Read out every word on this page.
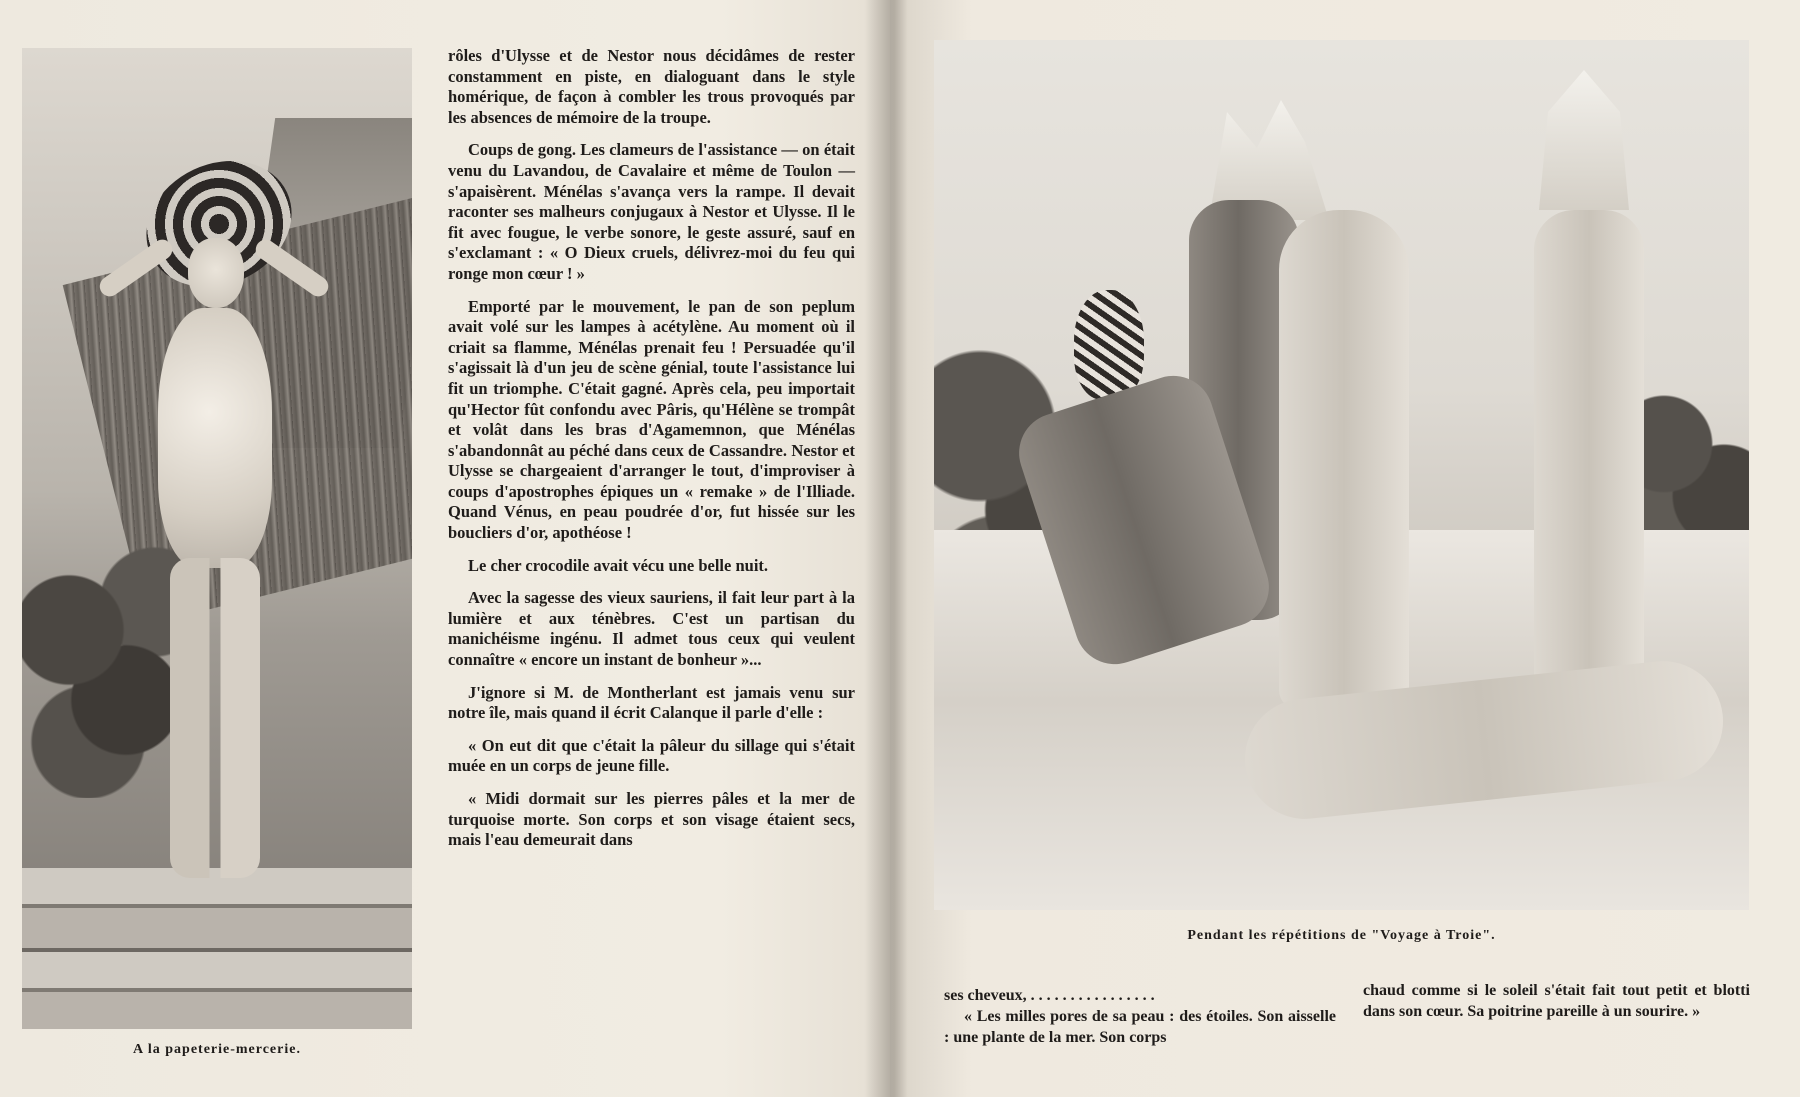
A la papeterie-mercerie.

rôles d'Ulysse et de Nestor nous décidâmes de rester constamment en piste, en dialoguant dans le style homérique, de façon à combler les trous provoqués par les absences de mémoire de la troupe.

Coups de gong. Les clameurs de l'assistance — on était venu du Lavandou, de Cavalaire et même de Toulon — s'apaisèrent. Ménélas s'avança vers la rampe. Il devait raconter ses malheurs conjugaux à Nestor et Ulysse. Il le fit avec fougue, le verbe sonore, le geste assuré, sauf en s'exclamant : « O Dieux cruels, délivrez-moi du feu qui ronge mon cœur ! »

Emporté par le mouvement, le pan de son peplum avait volé sur les lampes à acétylène. Au moment où il criait sa flamme, Ménélas prenait feu ! Persuadée qu'il s'agissait là d'un jeu de scène génial, toute l'assistance lui fit un triomphe. C'était gagné. Après cela, peu importait qu'Hector fût confondu avec Pâris, qu'Hélène se trompât et volât dans les bras d'Agamemnon, que Ménélas s'abandonnât au péché dans ceux de Cassandre. Nestor et Ulysse se chargeaient d'arranger le tout, d'improviser à coups d'apostrophes épiques un « remake » de l'Illiade. Quand Vénus, en peau poudrée d'or, fut hissée sur les boucliers d'or, apothéose !

Le cher crocodile avait vécu une belle nuit.

Avec la sagesse des vieux sauriens, il fait leur part à la lumière et aux ténèbres. C'est un partisan du manichéisme ingénu. Il admet tous ceux qui veulent connaître « encore un instant de bonheur »...

J'ignore si M. de Montherlant est jamais venu sur notre île, mais quand il écrit Calanque il parle d'elle :

« On eut dit que c'était la pâleur du sillage qui s'était muée en un corps de jeune fille.

« Midi dormait sur les pierres pâles et la mer de turquoise morte. Son corps et son visage étaient secs, mais l'eau demeurait dans

Pendant les répétitions de "Voyage à Troie".

ses cheveux, . . . . . . . . . . . . . . . .

« Les milles pores de sa peau : des étoiles. Son aisselle : une plante de la mer. Son corps

chaud comme si le soleil s'était fait tout petit et blotti dans son cœur. Sa poitrine pareille à un sourire. »
